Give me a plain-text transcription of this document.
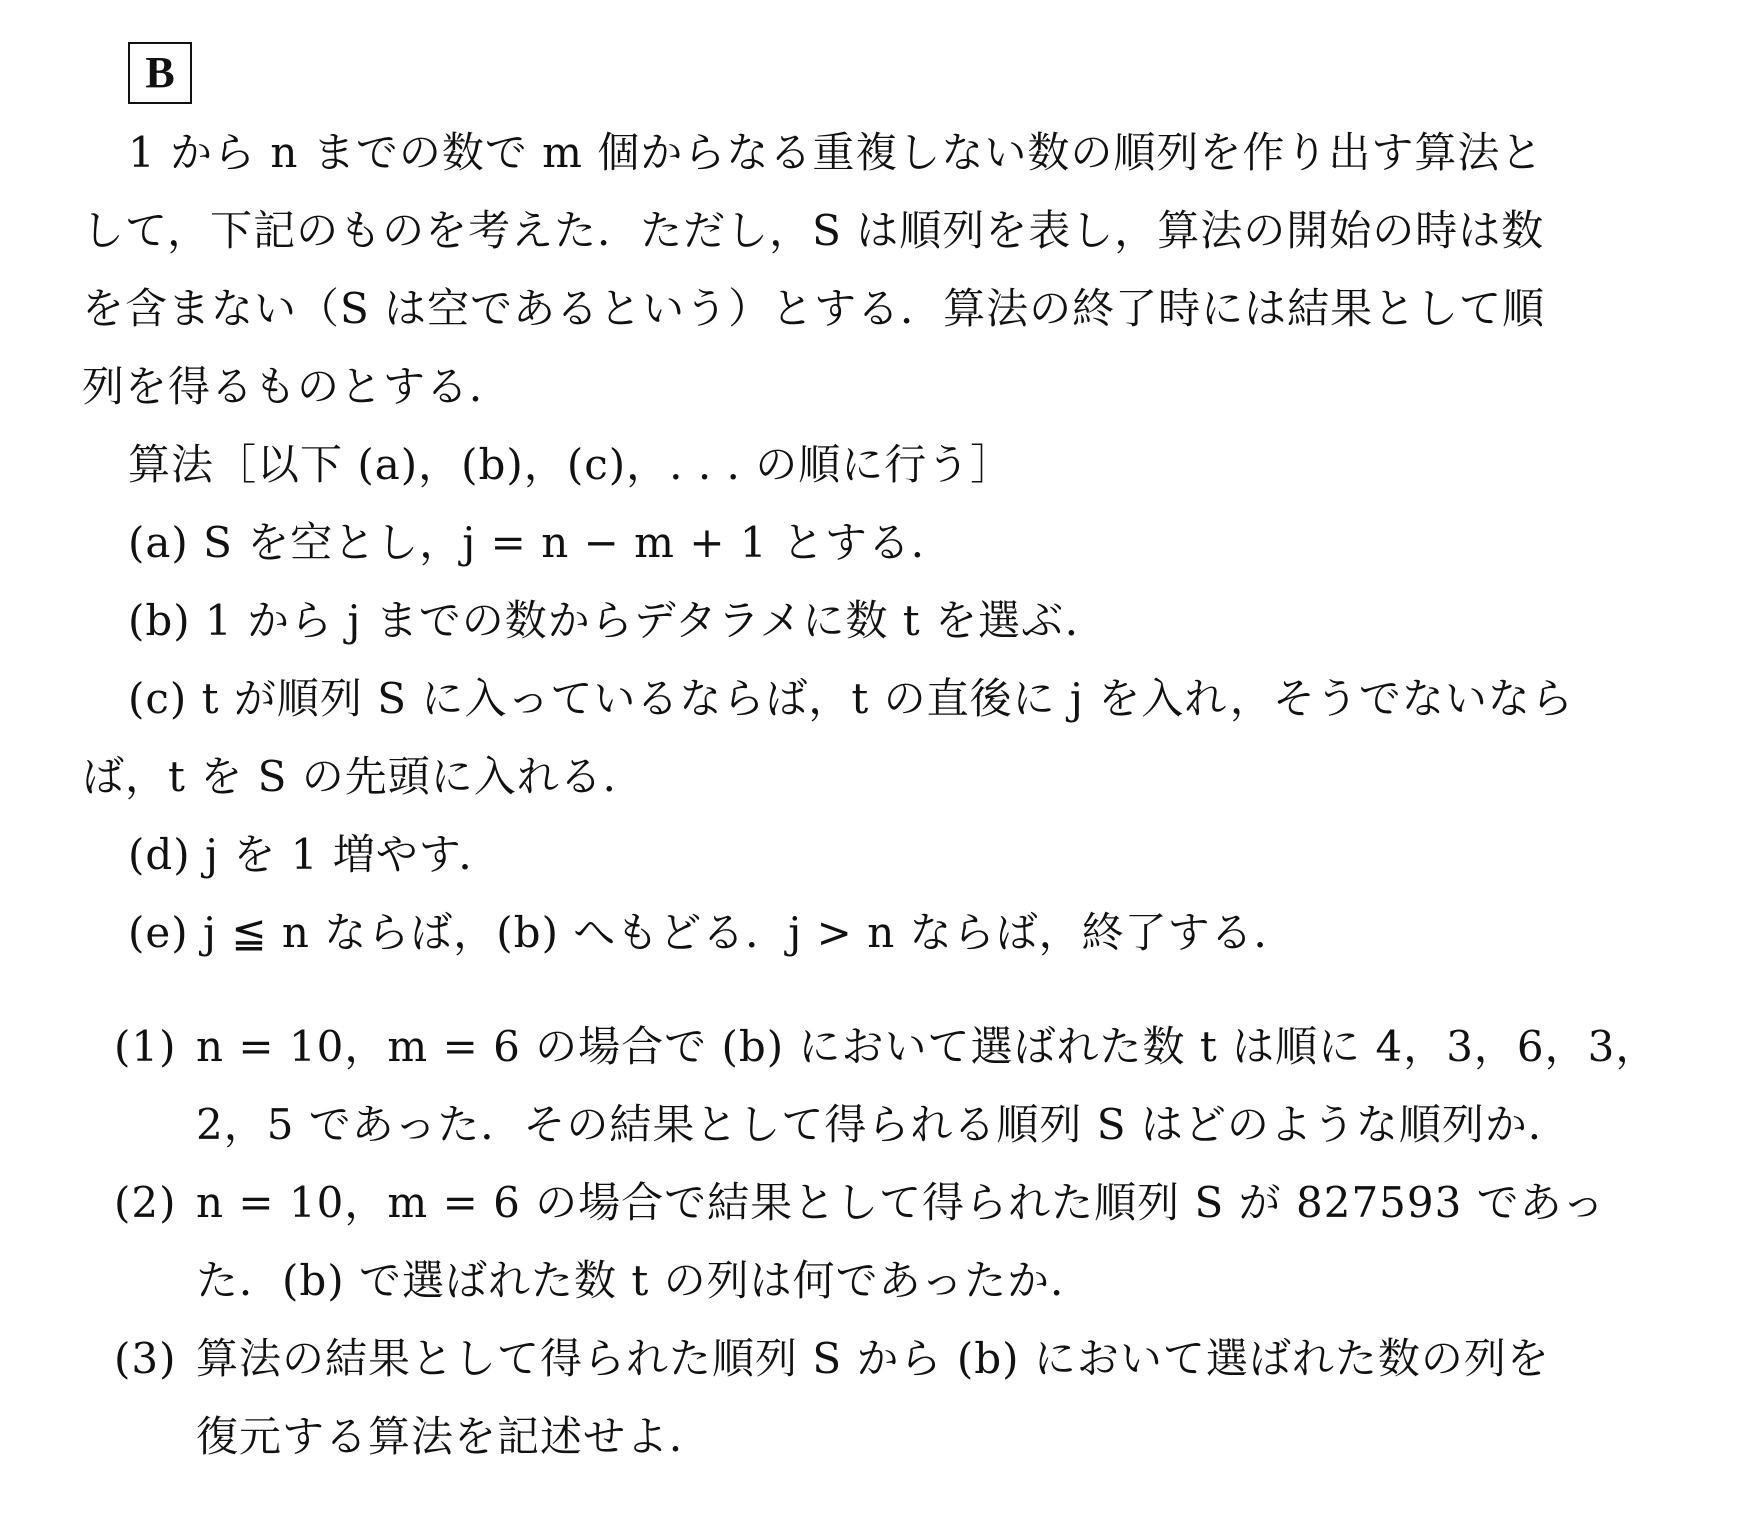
B
1 から n までの数で m 個からなる重複しない数の順列を作り出す算法と
して，下記のものを考えた．ただし，S は順列を表し，算法の開始の時は数
を含まない（S は空であるという）とする．算法の終了時には結果として順
列を得るものとする．
算法［以下 (a)，(b)，(c)，. . . の順に行う］
(a) S を空とし，j = n − m + 1 とする．
(b) 1 から j までの数からデタラメに数 t を選ぶ．
(c) t が順列 S に入っているならば，t の直後に j を入れ，そうでないなら
ば，t を S の先頭に入れる．
(d) j を 1 増やす．
(e) j ≦ n ならば，(b) へもどる．j > n ならば，終了する．
(1) n = 10，m = 6 の場合で (b) において選ばれた数 t は順に 4，3，6，3，
2，5 であった．その結果として得られる順列 S はどのような順列か．
(2) n = 10，m = 6 の場合で結果として得られた順列 S が 827593 であっ
た．(b) で選ばれた数 t の列は何であったか．
(3) 算法の結果として得られた順列 S から (b) において選ばれた数の列を
復元する算法を記述せよ．
